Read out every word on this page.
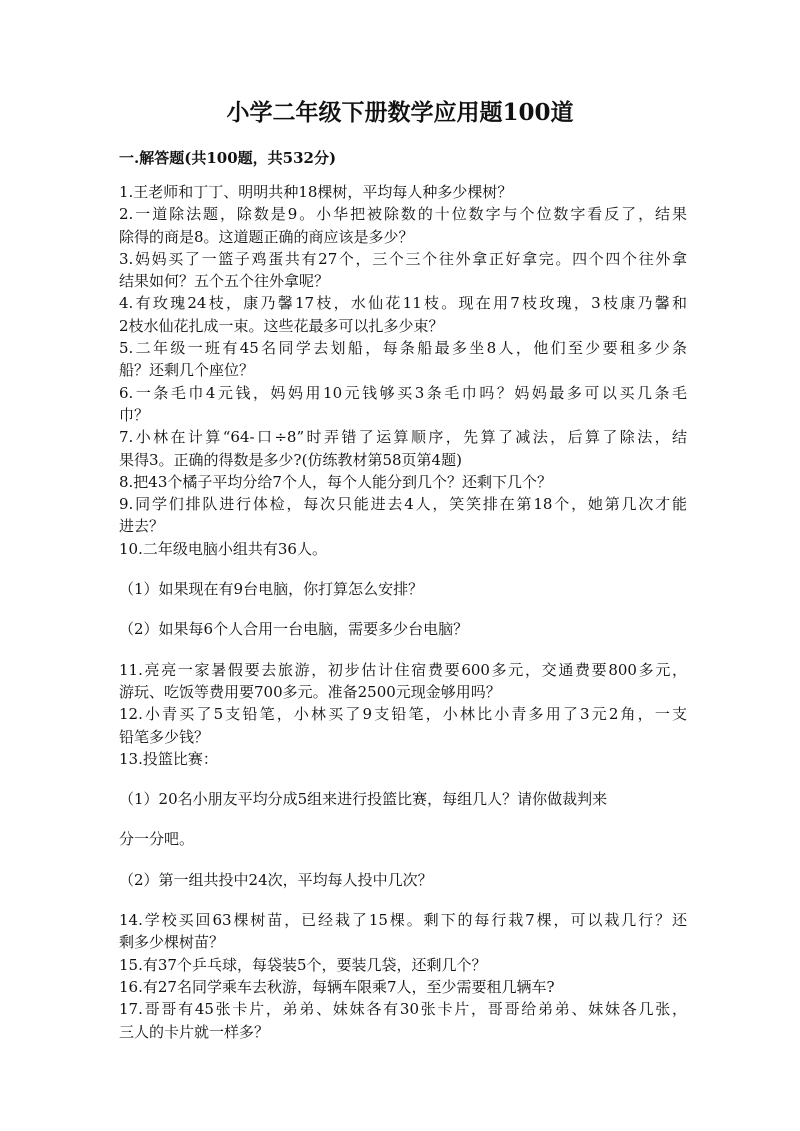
小学二年级下册数学应用题100道
一.解答题(共100题，共532分)

1.王老师和丁丁、明明共种18棵树，平均每人种多少棵树？

2.一道除法题，除数是9。小华把被除数的十位数字与个位数字看反了，结果

除得的商是8。这道题正确的商应该是多少？

3.妈妈买了一篮子鸡蛋共有27个，三个三个往外拿正好拿完。四个四个往外拿

结果如何？五个五个往外拿呢？

4.有玫瑰24枝，康乃馨17枝，水仙花11枝。现在用7枝玫瑰，3枝康乃馨和

2枝水仙花扎成一束。这些花最多可以扎多少束？

5.二年级一班有45名同学去划船，每条船最多坐8人，他们至少要租多少条

船？还剩几个座位？

6.一条毛巾4元钱，妈妈用10元钱够买3条毛巾吗？妈妈最多可以买几条毛

巾？

7.小林在计算“64-口÷8”时弄错了运算顺序，先算了减法，后算了除法，结

果得3。正确的得数是多少?(仿练教材第58页第4题)

8.把43个橘子平均分给7个人，每个人能分到几个？还剩下几个？

9.同学们排队进行体检，每次只能进去4人，笑笑排在第18个，她第几次才能

进去？

10.二年级电脑小组共有36人。

（1）如果现在有9台电脑，你打算怎么安排？

（2）如果每6个人合用一台电脑，需要多少台电脑？

11.亮亮一家暑假要去旅游，初步估计住宿费要600多元，交通费要800多元，

游玩、吃饭等费用要700多元。准备2500元现金够用吗？

12.小青买了5支铅笔，小林买了9支铅笔，小林比小青多用了3元2角，一支

铅笔多少钱？

13.投篮比赛：

（1）20名小朋友平均分成5组来进行投篮比赛，每组几人？请你做裁判来

分一分吧。

（2）第一组共投中24次，平均每人投中几次？

14.学校买回63棵树苗，已经栽了15棵。剩下的每行栽7棵，可以栽几行？还

剩多少棵树苗？

15.有37个乒乓球，每袋装5个，要装几袋，还剩几个？

16.有27名同学乘车去秋游，每辆车限乘7人，至少需要租几辆车?

17.哥哥有45张卡片，弟弟、妹妹各有30张卡片，哥哥给弟弟、妹妹各几张，

三人的卡片就一样多？
